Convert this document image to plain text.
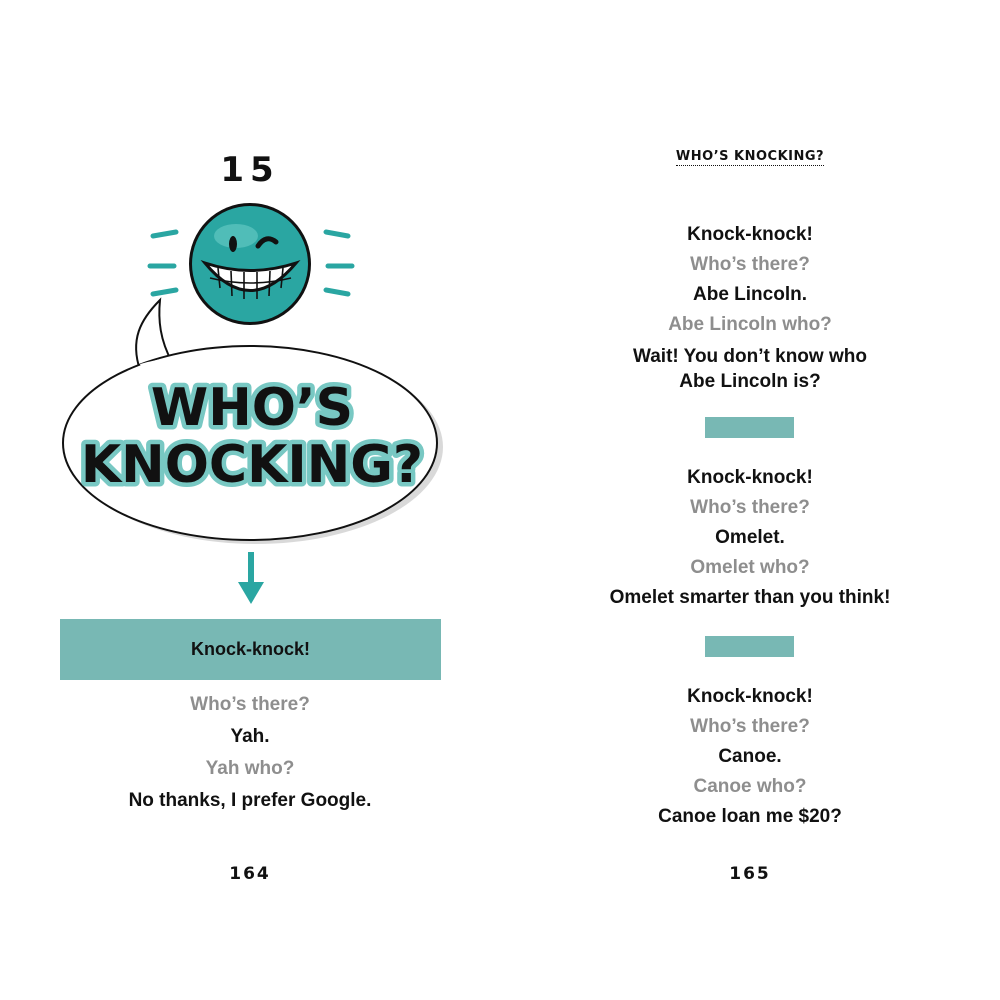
15
WHO’S
KNOCKING?
Knock-knock!
Who’s there?
Yah.
Yah who?
No thanks, I prefer Google.
164
WHO’S KNOCKING?
Knock-knock!
Who’s there?
Abe Lincoln.
Abe Lincoln who?
Wait! You don’t know who
Abe Lincoln is?
Knock-knock!
Who’s there?
Omelet.
Omelet who?
Omelet smarter than you think!
Knock-knock!
Who’s there?
Canoe.
Canoe who?
Canoe loan me $20?
165
